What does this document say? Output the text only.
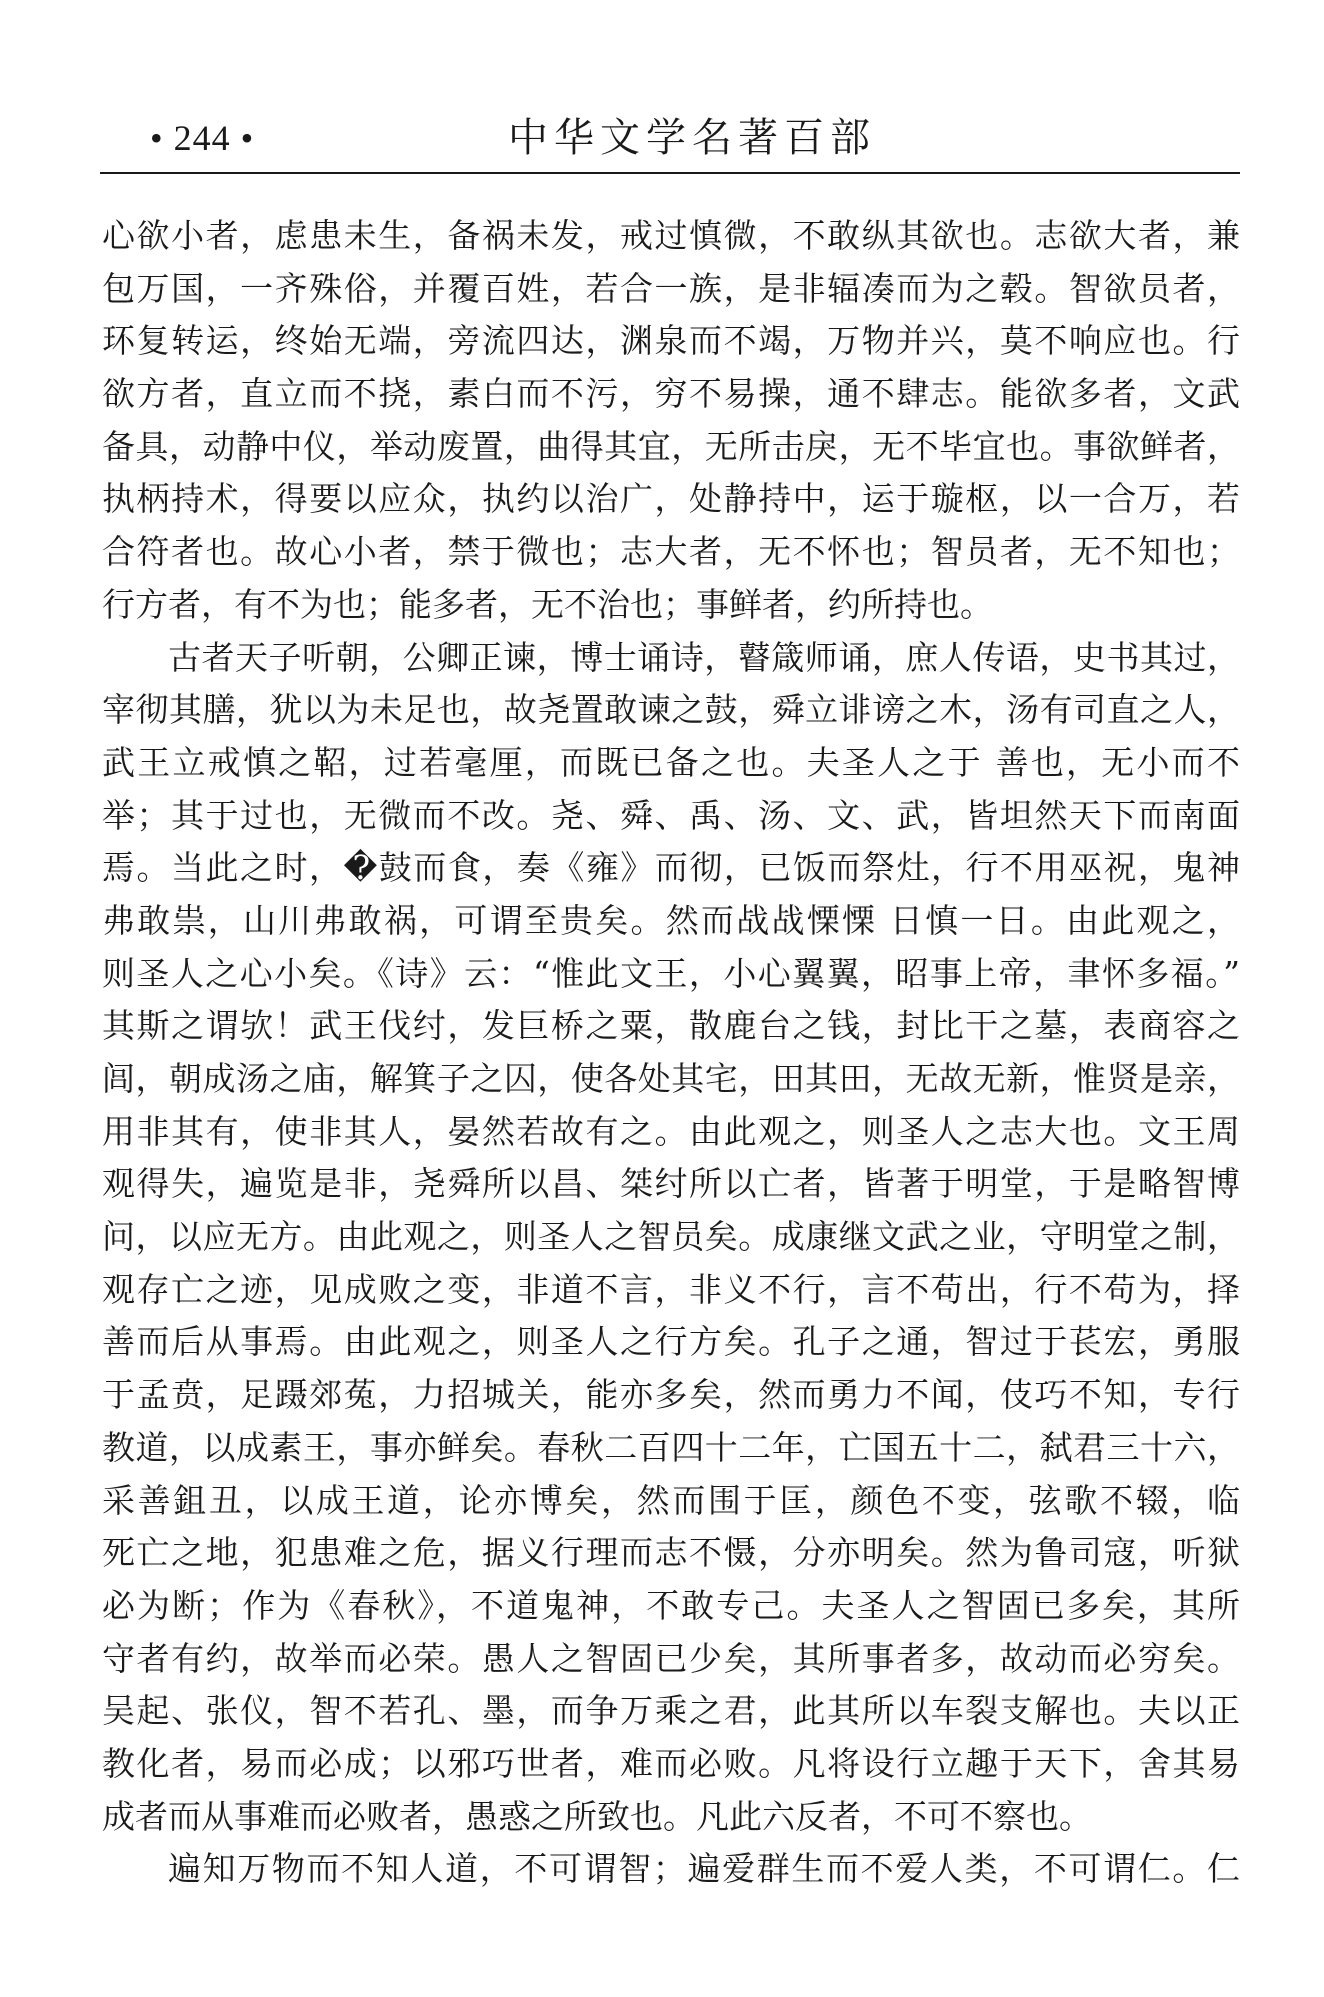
• 244 •	中华文学名著百部
心欲小者，虑患未生，备祸未发，戒过慎微，不敢纵其欲也。志欲大者，兼
包万国，一齐殊俗，并覆百姓，若合一族，是非辐凑而为之毂。智欲员者，
环复转运，终始无端，旁流四达，渊泉而不竭，万物并兴，莫不响应也。行
欲方者，直立而不挠，素白而不污，穷不易操，通不肆志。能欲多者，文武
备具，动静中仪，举动废置，曲得其宜，无所击戾，无不毕宜也。事欲鲜者，
执柄持术，得要以应众，执约以治广，处静持中，运于璇枢，以一合万，若
合符者也。故心小者，禁于微也；志大者，无不怀也；智员者，无不知也；
行方者，有不为也；能多者，无不治也；事鲜者，约所持也。
古者天子听朝，公卿正谏，博士诵诗，瞽箴师诵，庶人传语，史书其过，
宰彻其膳，犹以为未足也，故尧置敢谏之鼓，舜立诽谤之木，汤有司直之人，
武王立戒慎之鞀，过若毫厘，而既已备之也。夫圣人之于 善也，无小而不
举；其于过也，无微而不改。尧、舜、禹、汤、文、武，皆坦然天下而南面
焉。当此之时，�鼓而食，奏《雍》而彻，已饭而祭灶，行不用巫祝，鬼神
弗敢祟，山川弗敢祸，可谓至贵矣。然而战战慄慄 日慎一日。由此观之，
则圣人之心小矣。《诗》云：“惟此文王，小心翼翼，昭事上帝，聿怀多福。”
其斯之谓欤！武王伐纣，发巨桥之粟，散鹿台之钱，封比干之墓，表商容之
闾，朝成汤之庙，解箕子之囚，使各处其宅，田其田，无故无新，惟贤是亲，
用非其有，使非其人，晏然若故有之。由此观之，则圣人之志大也。文王周
观得失，遍览是非，尧舜所以昌、桀纣所以亡者，皆著于明堂，于是略智博
问，以应无方。由此观之，则圣人之智员矣。成康继文武之业，守明堂之制，
观存亡之迹，见成败之变，非道不言，非义不行，言不苟出，行不苟为，择
善而后从事焉。由此观之，则圣人之行方矣。孔子之通，智过于苌宏，勇服
于孟贲，足蹑郊菟，力招城关，能亦多矣，然而勇力不闻，伎巧不知，专行
教道，以成素王，事亦鲜矣。春秋二百四十二年，亡国五十二，弑君三十六，
采善鉏丑，以成王道，论亦博矣，然而围于匡，颜色不变，弦歌不辍，临
死亡之地，犯患难之危，据义行理而志不慑，分亦明矣。然为鲁司寇，听狱
必为断；作为《春秋》，不道鬼神，不敢专己。夫圣人之智固已多矣，其所
守者有约，故举而必荣。愚人之智固已少矣，其所事者多，故动而必穷矣。
吴起、张仪，智不若孔、墨，而争万乘之君，此其所以车裂支解也。夫以正
教化者，易而必成；以邪巧世者，难而必败。凡将设行立趣于天下，舍其易
成者而从事难而必败者，愚惑之所致也。凡此六反者，不可不察也。
遍知万物而不知人道，不可谓智；遍爱群生而不爱人类，不可谓仁。仁
